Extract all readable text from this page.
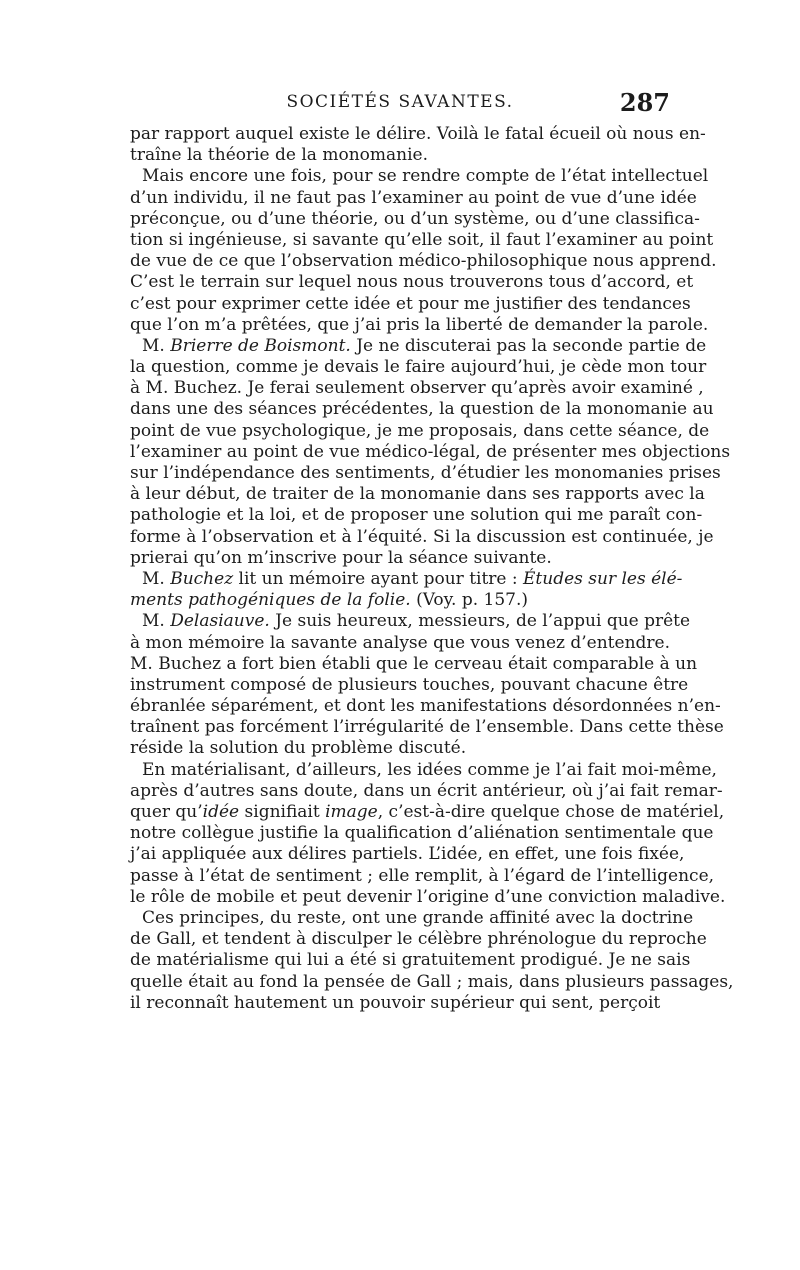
SOCIÉTÉS SAVANTES.	287
par rapport auquel existe le délire. Voilà le fatal écueil où nous en-
traîne la théorie de la monomanie.
Mais encore une fois, pour se rendre compte de l’état intellectuel
d’un individu, il ne faut pas l’examiner au point de vue d’une idée
préconçue, ou d’une théorie, ou d’un système, ou d’une classifica-
tion si ingénieuse, si savante qu’elle soit, il faut l’examiner au point
de vue de ce que l’observation médico-philosophique nous apprend.
C’est le terrain sur lequel nous nous trouverons tous d’accord, et
c’est pour exprimer cette idée et pour me justifier des tendances
que l’on m’a prêtées, que j’ai pris la liberté de demander la parole.
M. Brierre de Boismont. Je ne discuterai pas la seconde partie de
la question, comme je devais le faire aujourd’hui, je cède mon tour
à M. Buchez. Je ferai seulement observer qu’après avoir examiné ,
dans une des séances précédentes, la question de la monomanie au
point de vue psychologique, je me proposais, dans cette séance, de
l’examiner au point de vue médico-légal, de présenter mes objections
sur l’indépendance des sentiments, d’étudier les monomanies prises
à leur début, de traiter de la monomanie dans ses rapports avec la
pathologie et la loi, et de proposer une solution qui me paraît con-
forme à l’observation et à l’équité. Si la discussion est continuée, je
prierai qu’on m’inscrive pour la séance suivante.
M. Buchez lit un mémoire ayant pour titre : Études sur les élé-
ments pathogéniques de la folie. (Voy. p. 157.)
M. Delasiauve. Je suis heureux, messieurs, de l’appui que prête
à mon mémoire la savante analyse que vous venez d’entendre.
M. Buchez a fort bien établi que le cerveau était comparable à un
instrument composé de plusieurs touches, pouvant chacune être
ébranlée séparément, et dont les manifestations désordonnées n’en-
traînent pas forcément l’irrégularité de l’ensemble. Dans cette thèse
réside la solution du problème discuté.
En matérialisant, d’ailleurs, les idées comme je l’ai fait moi-même,
après d’autres sans doute, dans un écrit antérieur, où j’ai fait remar-
quer qu’idée signifiait image, c’est-à-dire quelque chose de matériel,
notre collègue justifie la qualification d’aliénation sentimentale que
j’ai appliquée aux délires partiels. L’idée, en effet, une fois fixée,
passe à l’état de sentiment ; elle remplit, à l’égard de l’intelligence,
le rôle de mobile et peut devenir l’origine d’une conviction maladive.
Ces principes, du reste, ont une grande affinité avec la doctrine
de Gall, et tendent à disculper le célèbre phrénologue du reproche
de matérialisme qui lui a été si gratuitement prodigué. Je ne sais
quelle était au fond la pensée de Gall ; mais, dans plusieurs passages,
il reconnaît hautement un pouvoir supérieur qui sent, perçoit
